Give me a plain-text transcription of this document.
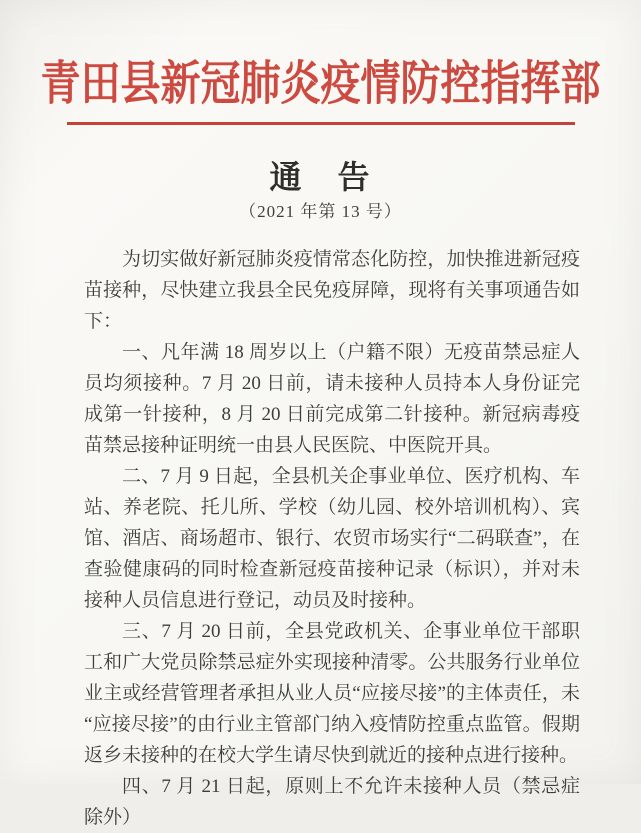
青田县新冠肺炎疫情防控指挥部
通　告
（2021 年第 13 号）

为切实做好新冠肺炎疫情常态化防控，加快推进新冠疫苗接种，尽快建立我县全民免疫屏障，现将有关事项通告如下：

一、凡年满 18 周岁以上（户籍不限）无疫苗禁忌症人员均须接种。7 月 20 日前，请未接种人员持本人身份证完成第一针接种，8 月 20 日前完成第二针接种。新冠病毒疫苗禁忌接种证明统一由县人民医院、中医院开具。

二、7 月 9 日起，全县机关企事业单位、医疗机构、车站、养老院、托儿所、学校（幼儿园、校外培训机构）、宾馆、酒店、商场超市、银行、农贸市场实行“二码联查”，在查验健康码的同时检查新冠疫苗接种记录（标识），并对未接种人员信息进行登记，动员及时接种。

三、7 月 20 日前，全县党政机关、企事业单位干部职工和广大党员除禁忌症外实现接种清零。公共服务行业单位业主或经营管理者承担从业人员“应接尽接”的主体责任，未“应接尽接”的由行业主管部门纳入疫情防控重点监管。假期返乡未接种的在校大学生请尽快到就近的接种点进行接种。

四、7 月 21 日起，原则上不允许未接种人员（禁忌症除外）
